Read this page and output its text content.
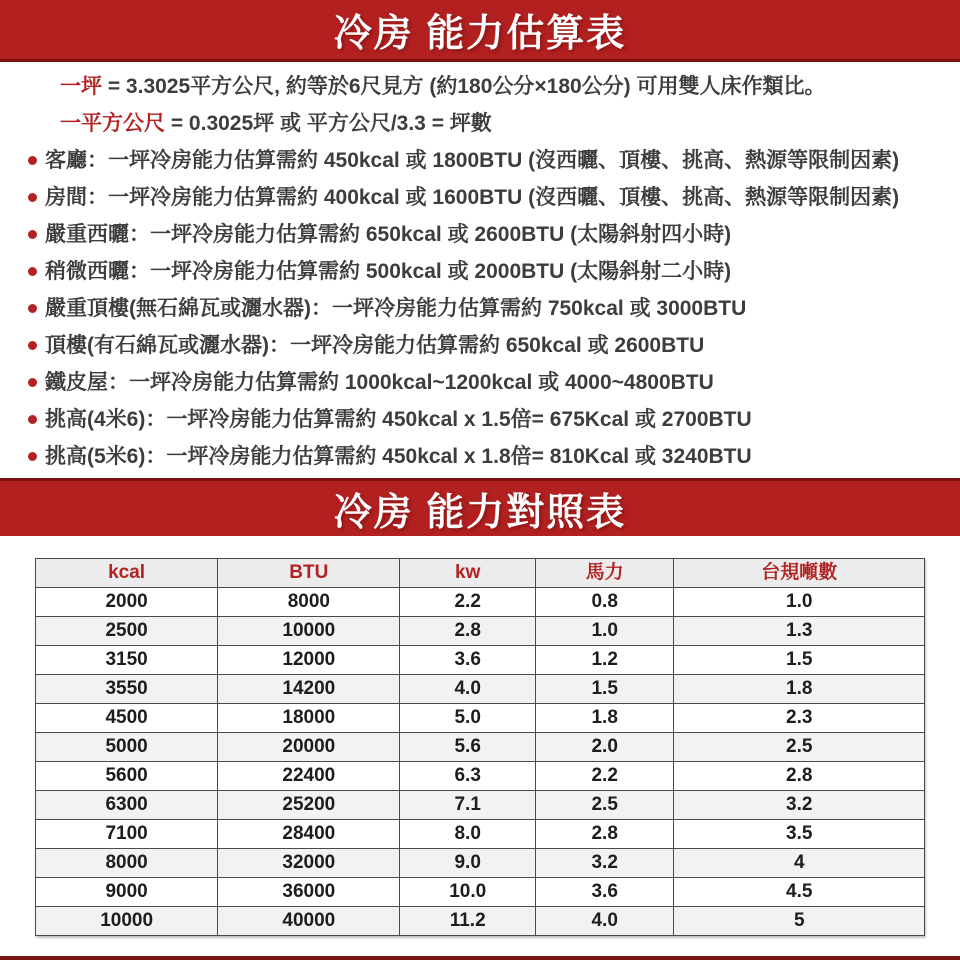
冷房 能力估算表
一坪 = 3.3025平方公尺, 約等於6尺見方 (約180公分×180公分) 可用雙人床作類比。
一平方公尺 = 0.3025坪 或 平方公尺/3.3 = 坪數
客廳：一坪冷房能力估算需約 450kcal 或 1800BTU (沒西曬、頂樓、挑高、熱源等限制因素)
房間：一坪冷房能力估算需約 400kcal 或 1600BTU (沒西曬、頂樓、挑高、熱源等限制因素)
嚴重西曬：一坪冷房能力估算需約 650kcal 或 2600BTU (太陽斜射四小時)
稍微西曬：一坪冷房能力估算需約 500kcal 或 2000BTU (太陽斜射二小時)
嚴重頂樓(無石綿瓦或灑水器)：一坪冷房能力估算需約 750kcal 或 3000BTU
頂樓(有石綿瓦或灑水器)：一坪冷房能力估算需約 650kcal 或 2600BTU
鐵皮屋：一坪冷房能力估算需約 1000kcal~1200kcal 或 4000~4800BTU
挑高(4米6)：一坪冷房能力估算需約 450kcal x 1.5倍= 675Kcal 或 2700BTU
挑高(5米6)：一坪冷房能力估算需約 450kcal x 1.8倍= 810Kcal 或 3240BTU
冷房 能力對照表
kcal	BTU	kw	馬力	台規噸數
2000	8000	2.2	0.8	1.0
2500	10000	2.8	1.0	1.3
3150	12000	3.6	1.2	1.5
3550	14200	4.0	1.5	1.8
4500	18000	5.0	1.8	2.3
5000	20000	5.6	2.0	2.5
5600	22400	6.3	2.2	2.8
6300	25200	7.1	2.5	3.2
7100	28400	8.0	2.8	3.5
8000	32000	9.0	3.2	4
9000	36000	10.0	3.6	4.5
10000	40000	11.2	4.0	5
